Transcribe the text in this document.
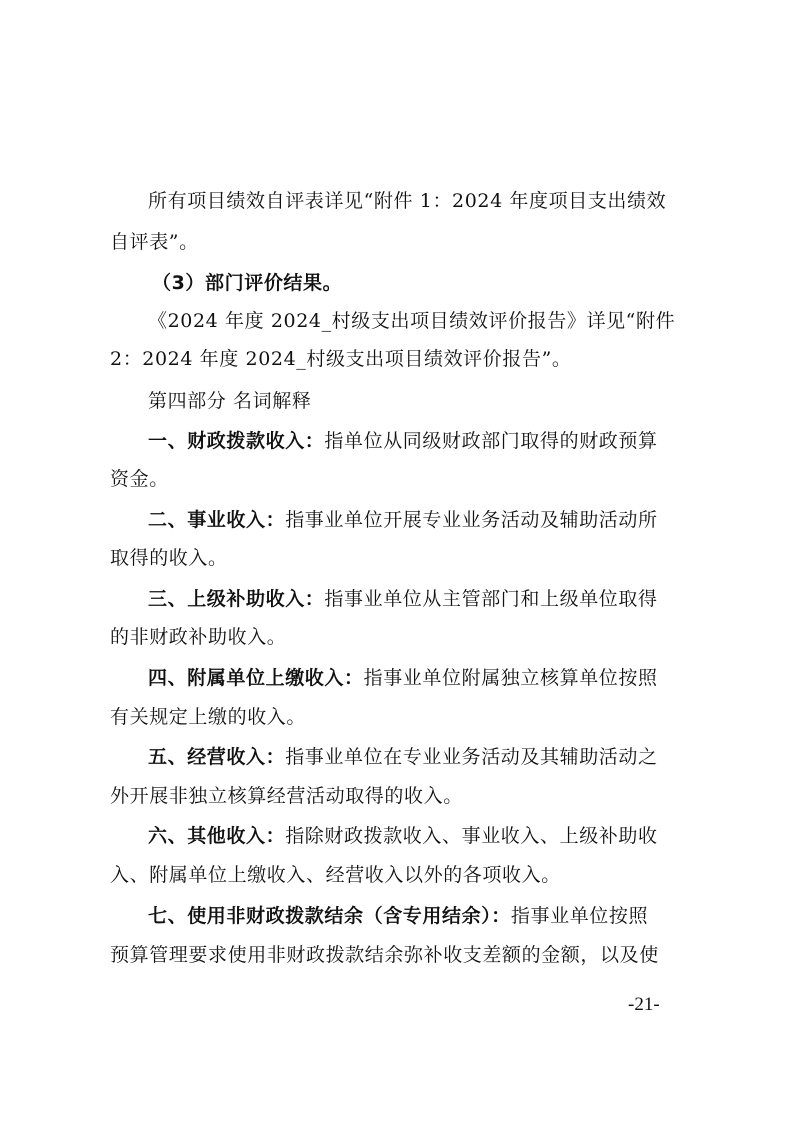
所有项目绩效自评表详见“附件 1：2024 年度项目支出绩效
自评表”。
（3）部门评价结果。
《2024 年度 2024_村级支出项目绩效评价报告》详见“附件
2：2024 年度 2024_村级支出项目绩效评价报告”。
第四部分 名词解释
一、财政拨款收入：指单位从同级财政部门取得的财政预算
资金。
二、事业收入：指事业单位开展专业业务活动及辅助活动所
取得的收入。
三、上级补助收入：指事业单位从主管部门和上级单位取得
的非财政补助收入。
四、附属单位上缴收入：指事业单位附属独立核算单位按照
有关规定上缴的收入。
五、经营收入：指事业单位在专业业务活动及其辅助活动之
外开展非独立核算经营活动取得的收入。
六、其他收入：指除财政拨款收入、事业收入、上级补助收
入、附属单位上缴收入、经营收入以外的各项收入。
七、使用非财政拨款结余（含专用结余）：指事业单位按照
预算管理要求使用非财政拨款结余弥补收支差额的金额，以及使
-21-
